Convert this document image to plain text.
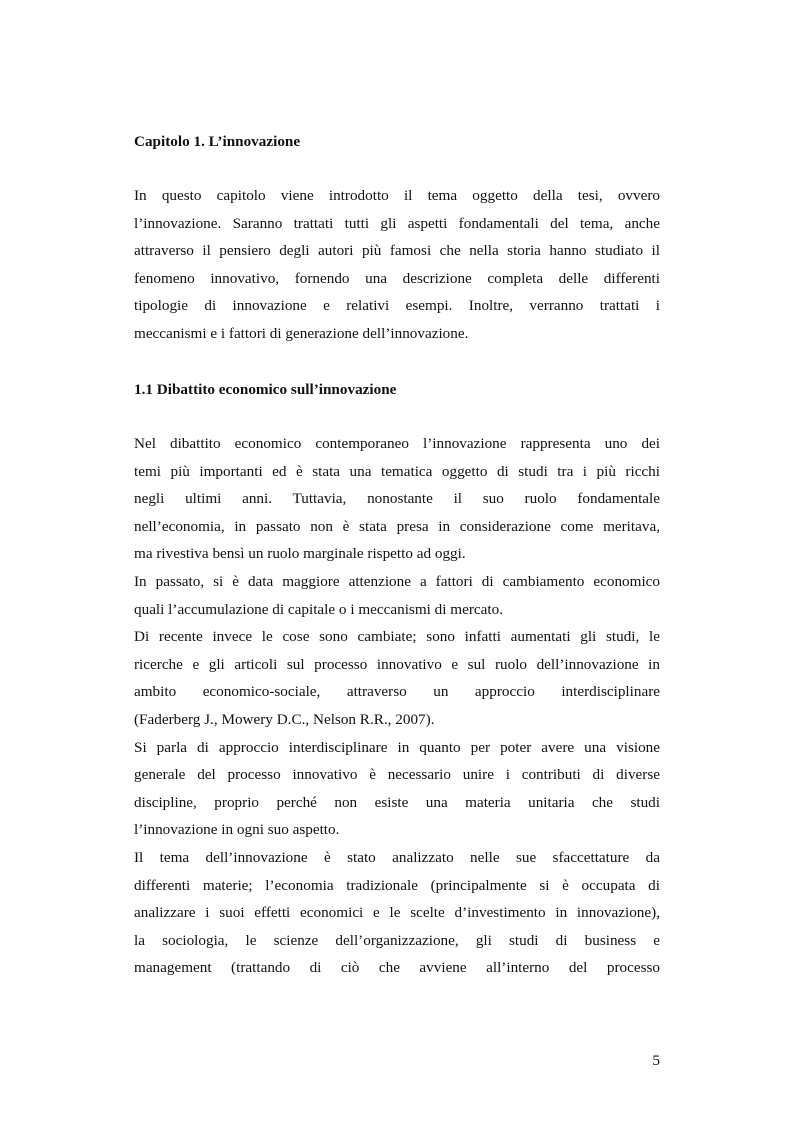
Capitolo 1. L’innovazione
In questo capitolo viene introdotto il tema oggetto della tesi, ovvero
l’innovazione. Saranno trattati tutti gli aspetti fondamentali del tema, anche
attraverso il pensiero degli autori più famosi che nella storia hanno studiato il
fenomeno innovativo, fornendo una descrizione completa delle differenti
tipologie di innovazione e relativi esempi. Inoltre, verranno trattati i
meccanismi e i fattori di generazione dell’innovazione.
1.1 Dibattito economico sull’innovazione
Nel dibattito economico contemporaneo l’innovazione rappresenta uno dei
temi più importanti ed è stata una tematica oggetto di studi tra i più ricchi
negli ultimi anni. Tuttavia, nonostante il suo ruolo fondamentale
nell’economia, in passato non è stata presa in considerazione come meritava,
ma rivestiva bensì un ruolo marginale rispetto ad oggi.
In passato, si è data maggiore attenzione a fattori di cambiamento economico
quali l’accumulazione di capitale o i meccanismi di mercato.
Di recente invece le cose sono cambiate; sono infatti aumentati gli studi, le
ricerche e gli articoli sul processo innovativo e sul ruolo dell’innovazione in
ambito economico-sociale, attraverso un approccio interdisciplinare
(Faderberg J., Mowery D.C., Nelson R.R., 2007).
Si parla di approccio interdisciplinare in quanto per poter avere una visione
generale del processo innovativo è necessario unire i contributi di diverse
discipline, proprio perché non esiste una materia unitaria che studi
l’innovazione in ogni suo aspetto.
Il tema dell’innovazione è stato analizzato nelle sue sfaccettature da
differenti materie; l’economia tradizionale (principalmente si è occupata di
analizzare i suoi effetti economici e le scelte d’investimento in innovazione),
la sociologia, le scienze dell’organizzazione, gli studi di business e
management (trattando di ciò che avviene all’interno del processo
5
